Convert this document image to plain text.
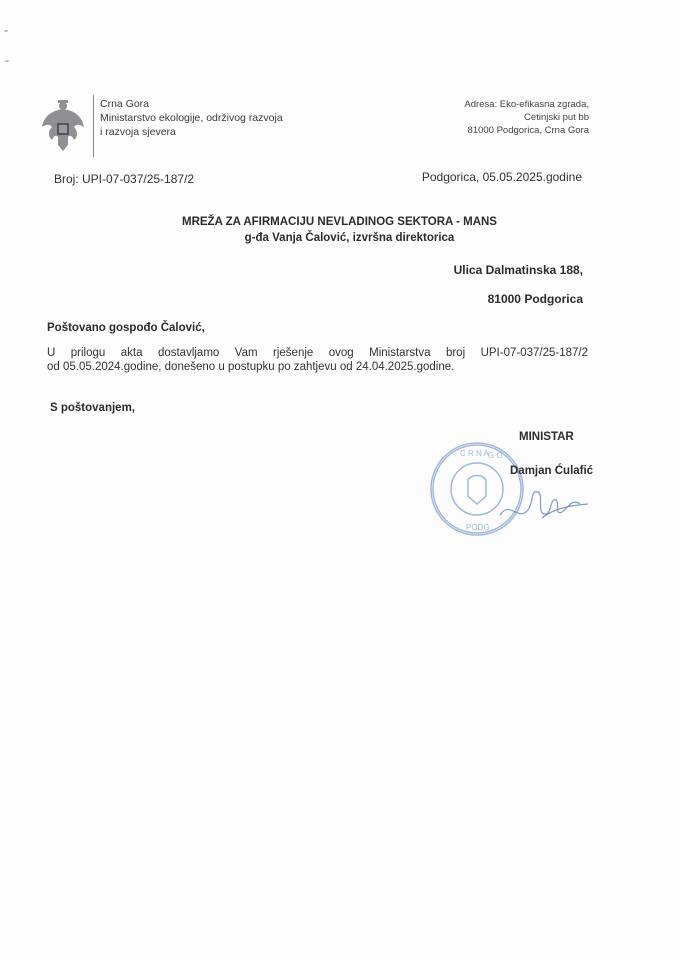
Crna Gora
Ministarstvo ekologije, održivog razvoja
i razvoja sjevera
Adresa: Eko-efikasna zgrada,
Cetinjski put bb
81000 Podgorica, Crna Gora
Broj: UPI-07-037/25-187/2	Podgorica, 05.05.2025.godine
MREŽA ZA AFIRMACIJU NEVLADINOG SEKTORA - MANS
g-đa Vanja Čalović, izvršna direktorica
Ulica Dalmatinska 188,
81000 Podgorica
Poštovano gospođo Čalović,
U prilogu akta dostavljamo Vam rješenje ovog Ministarstva broj UPI-07-037/25-187/2
od 05.05.2024.godine, donešeno u postupku po zahtjevu od 24.04.2025.godine.
S poštovanjem,
C R N A G O
PODG
MINISTAR
Damjan Ćulafić
